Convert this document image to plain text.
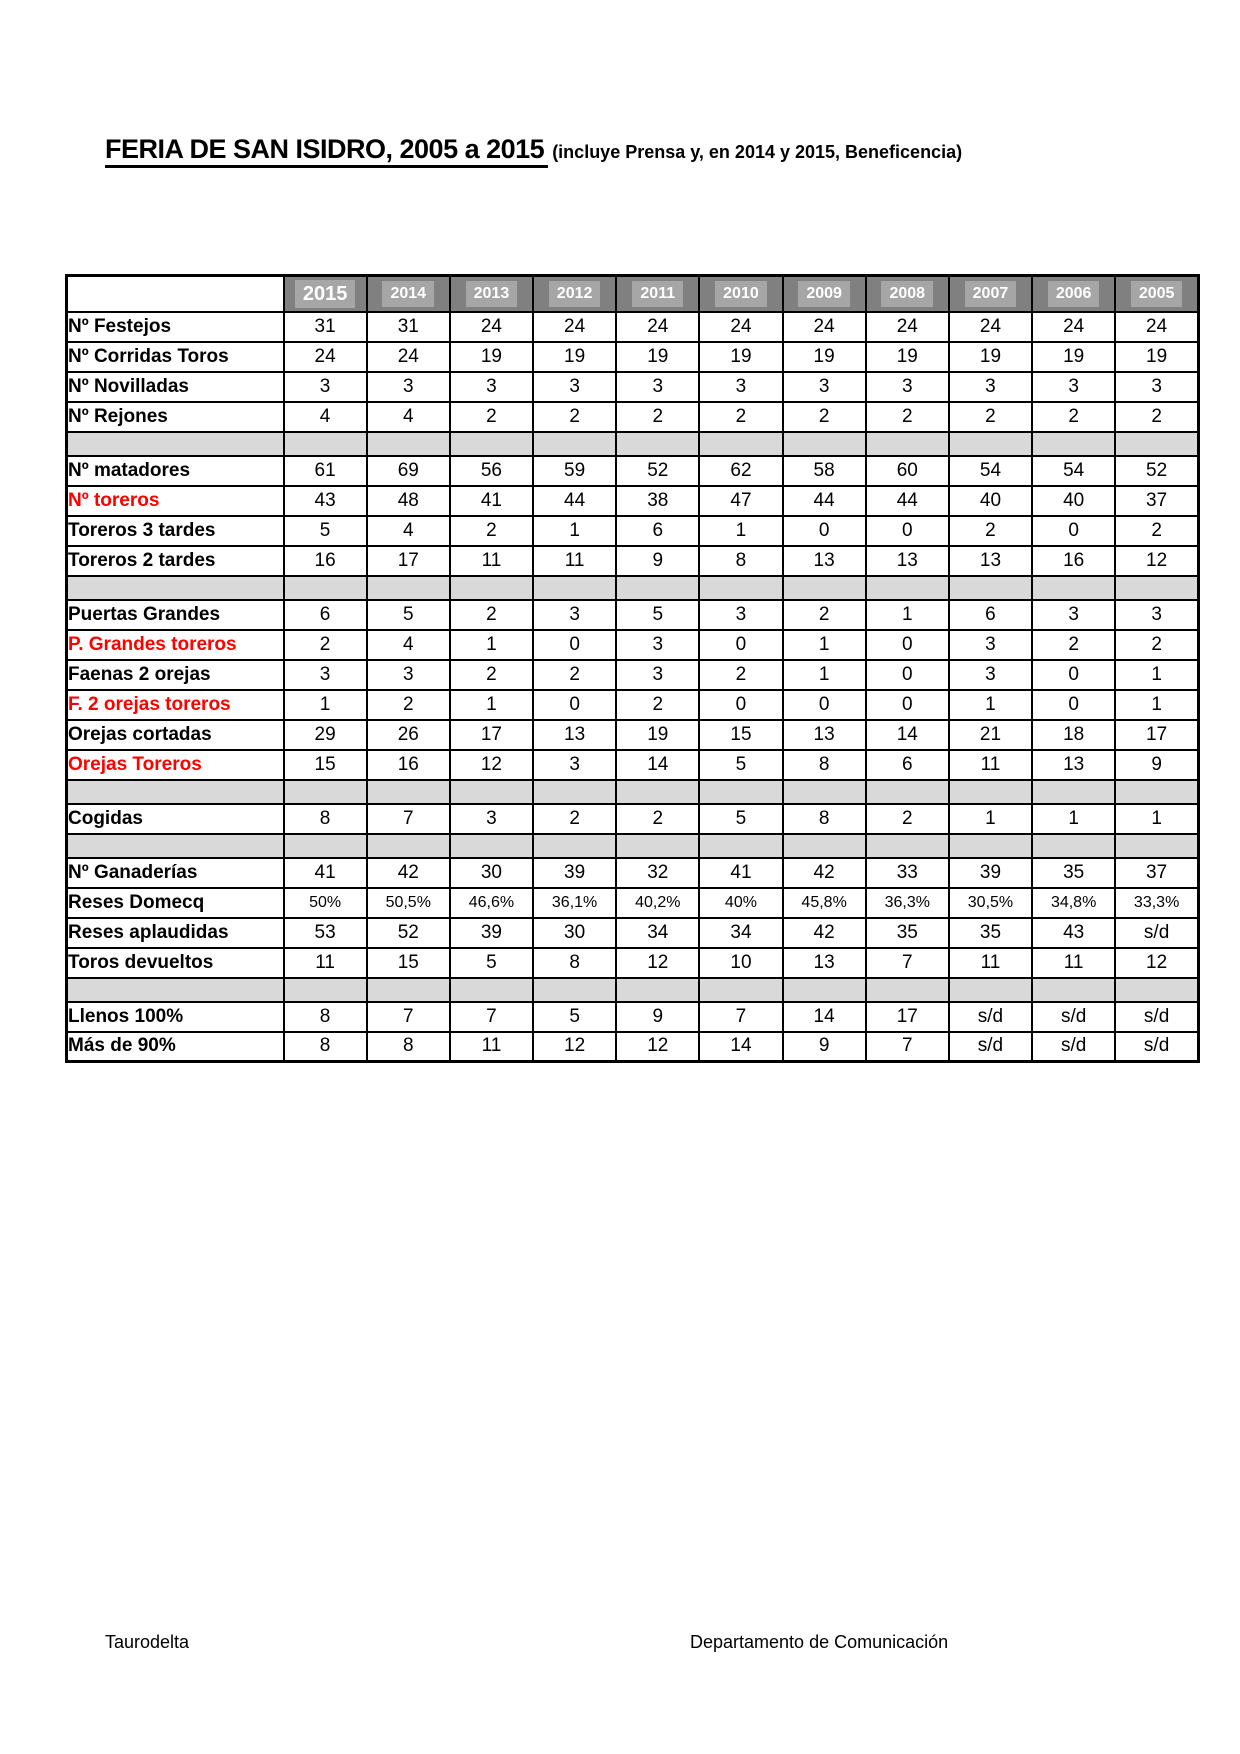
FERIA DE SAN ISIDRO, 2005 a 2015 (incluye Prensa y, en 2014 y 2015, Beneficencia)
	2015	2014	2013	2012	2011	2010	2009	2008	2007	2006	2005
Nº Festejos	31	31	24	24	24	24	24	24	24	24	24
Nº Corridas Toros	24	24	19	19	19	19	19	19	19	19	19
Nº Novilladas	3	3	3	3	3	3	3	3	3	3	3
Nº Rejones	4	4	2	2	2	2	2	2	2	2	2

Nº matadores	61	69	56	59	52	62	58	60	54	54	52
Nº toreros	43	48	41	44	38	47	44	44	40	40	37
Toreros 3 tardes	5	4	2	1	6	1	0	0	2	0	2
Toreros 2 tardes	16	17	11	11	9	8	13	13	13	16	12

Puertas Grandes	6	5	2	3	5	3	2	1	6	3	3
P. Grandes toreros	2	4	1	0	3	0	1	0	3	2	2
Faenas 2 orejas	3	3	2	2	3	2	1	0	3	0	1
F. 2 orejas toreros	1	2	1	0	2	0	0	0	1	0	1
Orejas cortadas	29	26	17	13	19	15	13	14	21	18	17
Orejas Toreros	15	16	12	3	14	5	8	6	11	13	9

Cogidas	8	7	3	2	2	5	8	2	1	1	1

Nº Ganaderías	41	42	30	39	32	41	42	33	39	35	37
Reses Domecq	50%	50,5%	46,6%	36,1%	40,2%	40%	45,8%	36,3%	30,5%	34,8%	33,3%
Reses aplaudidas	53	52	39	30	34	34	42	35	35	43	s/d
Toros devueltos	11	15	5	8	12	10	13	7	11	11	12

Llenos 100%	8	7	7	5	9	7	14	17	s/d	s/d	s/d
Más de 90%	8	8	11	12	12	14	9	7	s/d	s/d	s/d
Taurodelta	Departamento de Comunicación
